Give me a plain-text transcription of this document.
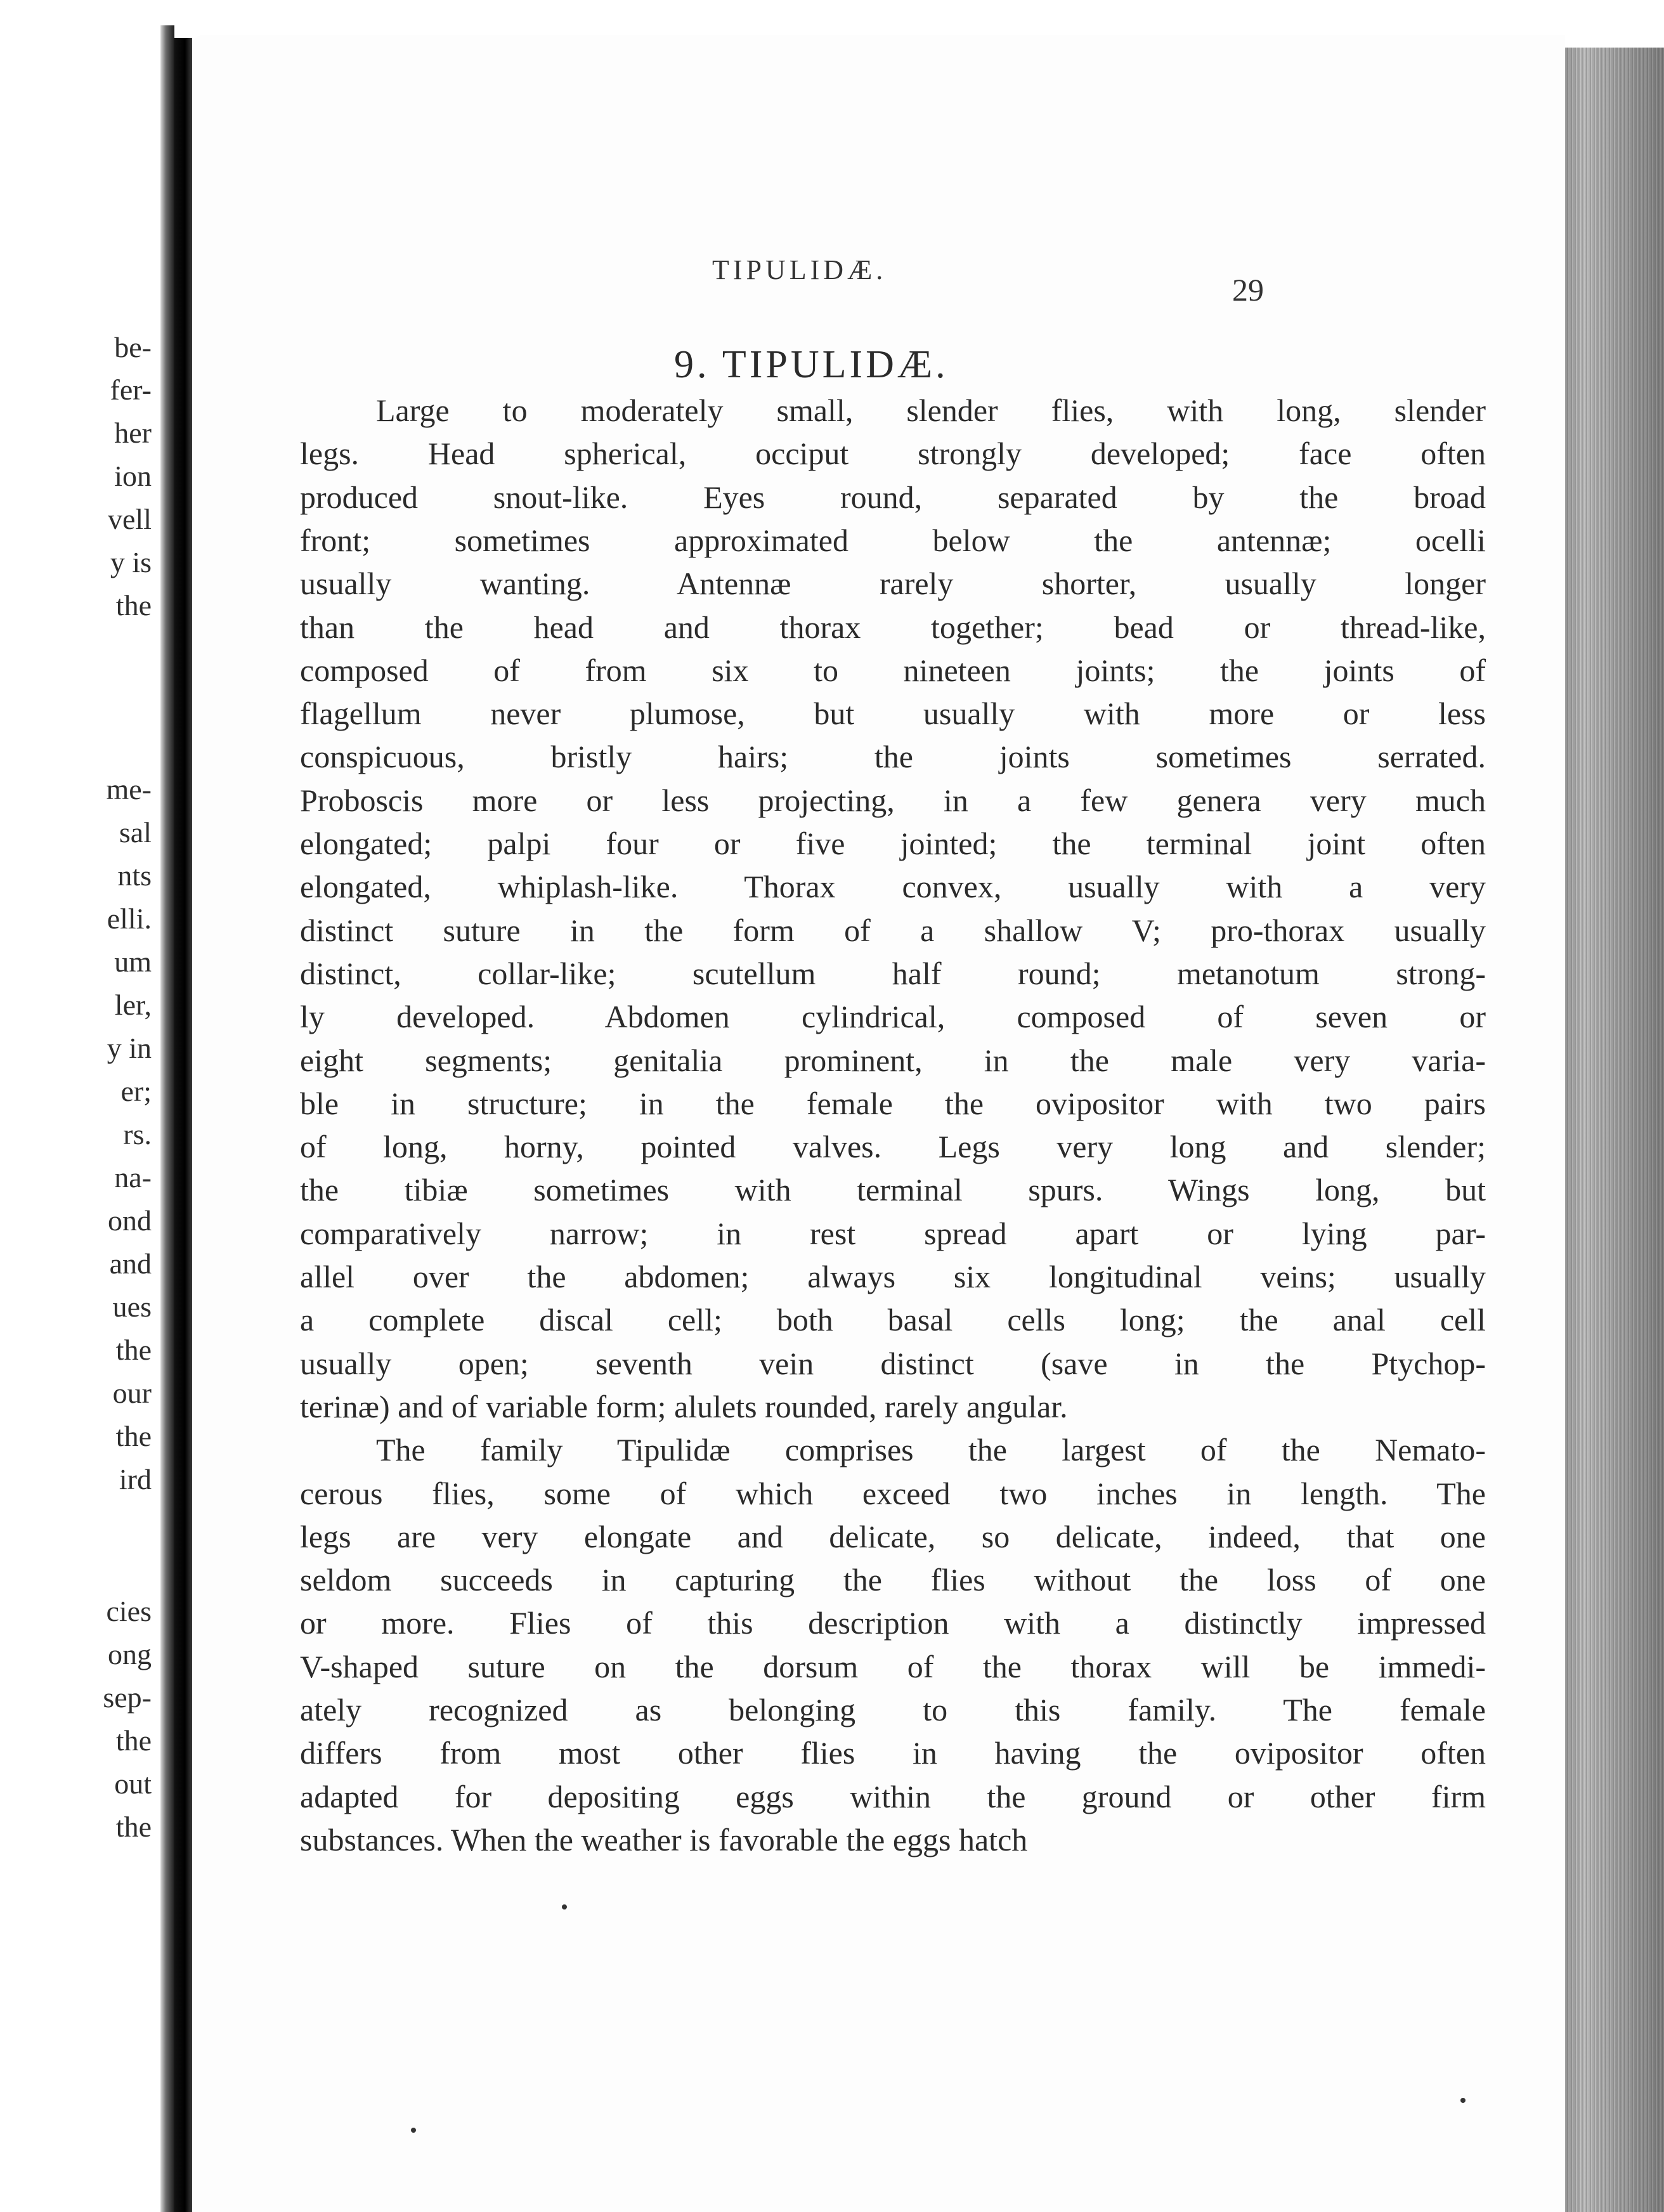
be-
fer-
her
ion
vell
y is
the
me-
sal
nts
elli.
um
ler,
y in
er;
rs.
na-
ond
and
ues
the
our
the
ird
cies
ong
sep-
the
out
the
TIPULIDÆ.
29
9. TIPULIDÆ.
Large to moderately small, slender flies, with long, slender
legs. Head spherical, occiput strongly developed; face often
produced snout-like. Eyes round, separated by the broad
front; sometimes approximated below the antennæ; ocelli
usually wanting. Antennæ rarely shorter, usually longer
than the head and thorax together; bead or thread-like,
composed of from six to nineteen joints; the joints of
flagellum never plumose, but usually with more or less
conspicuous, bristly hairs; the joints sometimes serrated.
Proboscis more or less projecting, in a few genera very much
elongated; palpi four or five jointed; the terminal joint often
elongated, whiplash-like. Thorax convex, usually with a very
distinct suture in the form of a shallow V; pro-thorax usually
distinct, collar-like; scutellum half round; metanotum strong-
ly developed. Abdomen cylindrical, composed of seven or
eight segments; genitalia prominent, in the male very varia-
ble in structure; in the female the ovipositor with two pairs
of long, horny, pointed valves. Legs very long and slender;
the tibiæ sometimes with terminal spurs. Wings long, but
comparatively narrow; in rest spread apart or lying par-
allel over the abdomen; always six longitudinal veins; usually
a complete discal cell; both basal cells long; the anal cell
usually open; seventh vein distinct (save in the Ptychop-
terinæ) and of variable form; alulets rounded, rarely angular.
The family Tipulidæ comprises the largest of the Nemato-
cerous flies, some of which exceed two inches in length. The
legs are very elongate and delicate, so delicate, indeed, that one
seldom succeeds in capturing the flies without the loss of one
or more. Flies of this description with a distinctly impressed
V-shaped suture on the dorsum of the thorax will be immedi-
ately recognized as belonging to this family. The female
differs from most other flies in having the ovipositor often
adapted for depositing eggs within the ground or other firm
substances. When the weather is favorable the eggs hatch
